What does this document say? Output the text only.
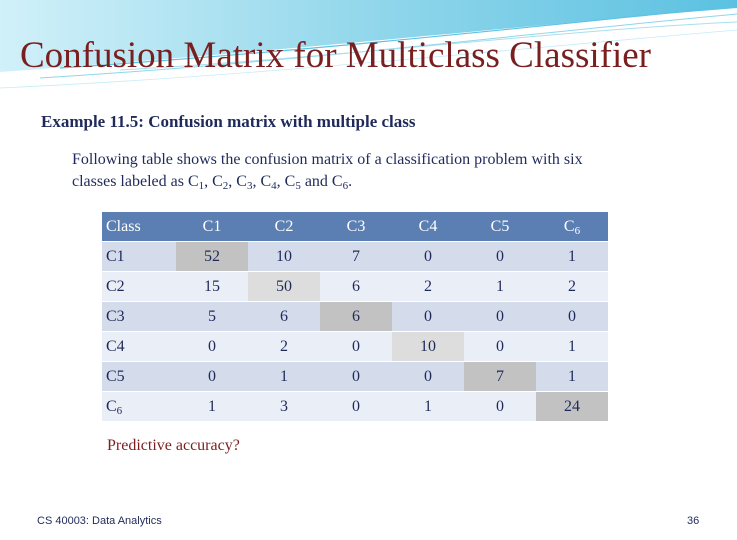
Confusion Matrix for Multiclass Classifier

Example 11.5: Confusion matrix with multiple class

Following table shows the confusion matrix of a classification problem with six
classes labeled as $C_1$, $C_2$, $C_3$, $C_4$, $C_5$ and $C_6$.
Class	C1	C2	C3	C4	C5	$C_6$
C1	52	10	7	0	0	1
C2	15	50	6	2	1	2
C3	5	6	6	0	0	0
C4	0	2	0	10	0	1
C5	0	1	0	0	7	1
$C_6$	1	3	0	1	0	24

Predictive accuracy?

CS 40003: Data Analytics	36
